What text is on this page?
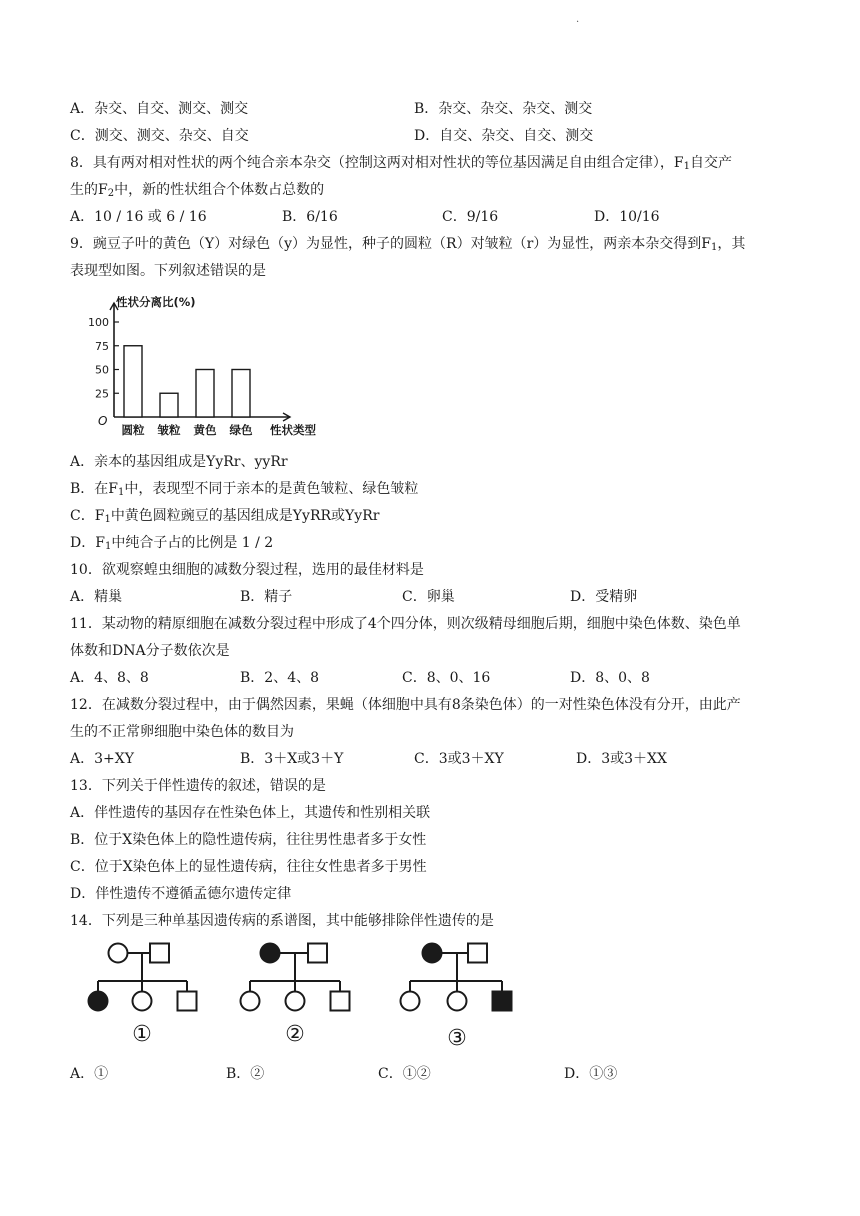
.
A．杂交、自交、测交、测交	B．杂交、杂交、杂交、测交
C．测交、测交、杂交、自交	D．自交、杂交、自交、测交
8．具有两对相对性状的两个纯合亲本杂交（控制这两对相对性状的等位基因满足自由组合定律），$F_1$自交产
生的$F_2$中，新的性状组合个体数占总数的
A．10 / 16 或 6 / 16	B．6/16	C．9/16	D．10/16
9．豌豆子叶的黄色（Y）对绿色（y）为显性，种子的圆粒（R）对皱粒（r）为显性，两亲本杂交得到$F_1$，其
表现型如图。下列叙述错误的是
25
50
75
100
O
性状分离比(%)
圆粒 皱粒 黄色 绿色 性状类型
A．亲本的基因组成是YyRr、yyRr
B．在$F_1$中，表现型不同于亲本的是黄色皱粒、绿色皱粒
C．$F_1$中黄色圆粒豌豆的基因组成是YyRR或YyRr
D．$F_1$中纯合子占的比例是 1 / 2
10．欲观察蝗虫细胞的减数分裂过程，选用的最佳材料是
A．精巢	B．精子	C．卵巢	D．受精卵
11．某动物的精原细胞在减数分裂过程中形成了4个四分体，则次级精母细胞后期，细胞中染色体数、染色单
体数和DNA分子数依次是
A．4、8、8	B．2、4、8	C．8、0、16	D．8、0、8
12．在减数分裂过程中，由于偶然因素，果蝇（体细胞中具有8条染色体）的一对性染色体没有分开，由此产
生的不正常卵细胞中染色体的数目为
A．3+XY	B．3＋X或3＋Y	C．3或3＋XY	D．3或3＋XX
13．下列关于伴性遗传的叙述，错误的是
A．伴性遗传的基因存在性染色体上，其遗传和性别相关联
B．位于X染色体上的隐性遗传病，往往男性患者多于女性
C．位于X染色体上的显性遗传病，往往女性患者多于男性
D．伴性遗传不遵循孟德尔遗传定律
14．下列是三种单基因遗传病的系谱图，其中能够排除伴性遗传的是
①	②	③
A．①	B．②	C．①②	D．①③
